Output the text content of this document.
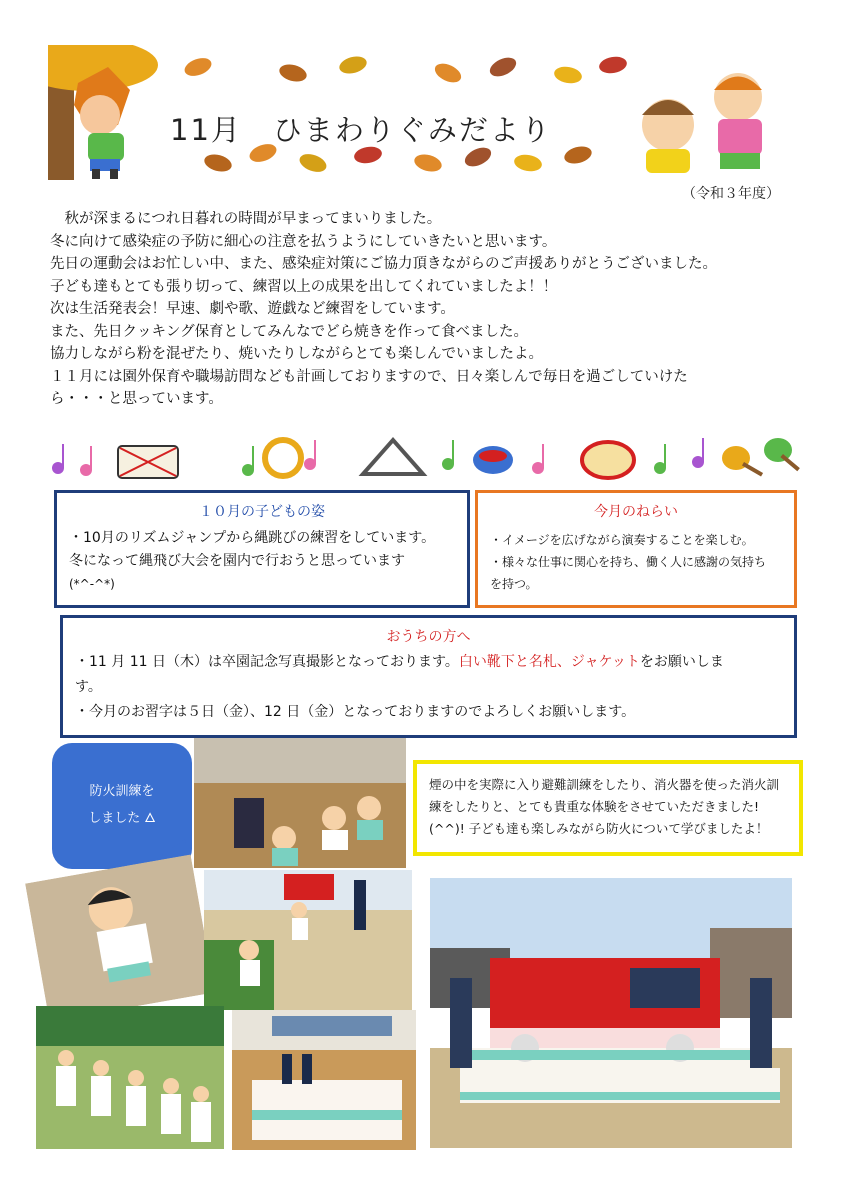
11月　ひまわりぐみだより
（令和３年度）

　秋が深まるにつれ日暮れの時間が早まってまいりました。

冬に向けて感染症の予防に細心の注意を払うようにしていきたいと思います。

先日の運動会はお忙しい中、また、感染症対策にご協力頂きながらのご声援ありがとうございました。

子ども達もとても張り切って、練習以上の成果を出してくれていましたよ！！

次は生活発表会！早速、劇や歌、遊戯など練習をしています。

また、先日クッキング保育としてみんなでどら焼きを作って食べました。

協力しながら粉を混ぜたり、焼いたりしながらとても楽しんでいましたよ。

１１月には園外保育や職場訪問なども計画しておりますので、日々楽しんで毎日を過ごしていけた

ら・・・と思っています。

１０月の子どもの姿
・10月のリズムジャンプから縄跳びの練習をしています。
冬になって縄飛び大会を園内で行おうと思っています
(*^-^*)
今月のねらい
・イメージを広げながら演奏することを楽しむ。
・様々な仕事に関心を持ち、働く人に感謝の気持ち
を持つ。
おうちの方へ
・11 月 11 日（木）は卒園記念写真撮影となっております。白い靴下と名札、ジャケットをお願いしま
す。
・今月のお習字は５日（金）、12 日（金）となっておりますのでよろしくお願いします。
防火訓練を
しました 🜂
煙の中を実際に入り避難訓練をしたり、消火器を使った消火訓練をしたりと、とても貴重な体験をさせていただきました!(^^)! 子ども達も楽しみながら防火について学びましたよ！
